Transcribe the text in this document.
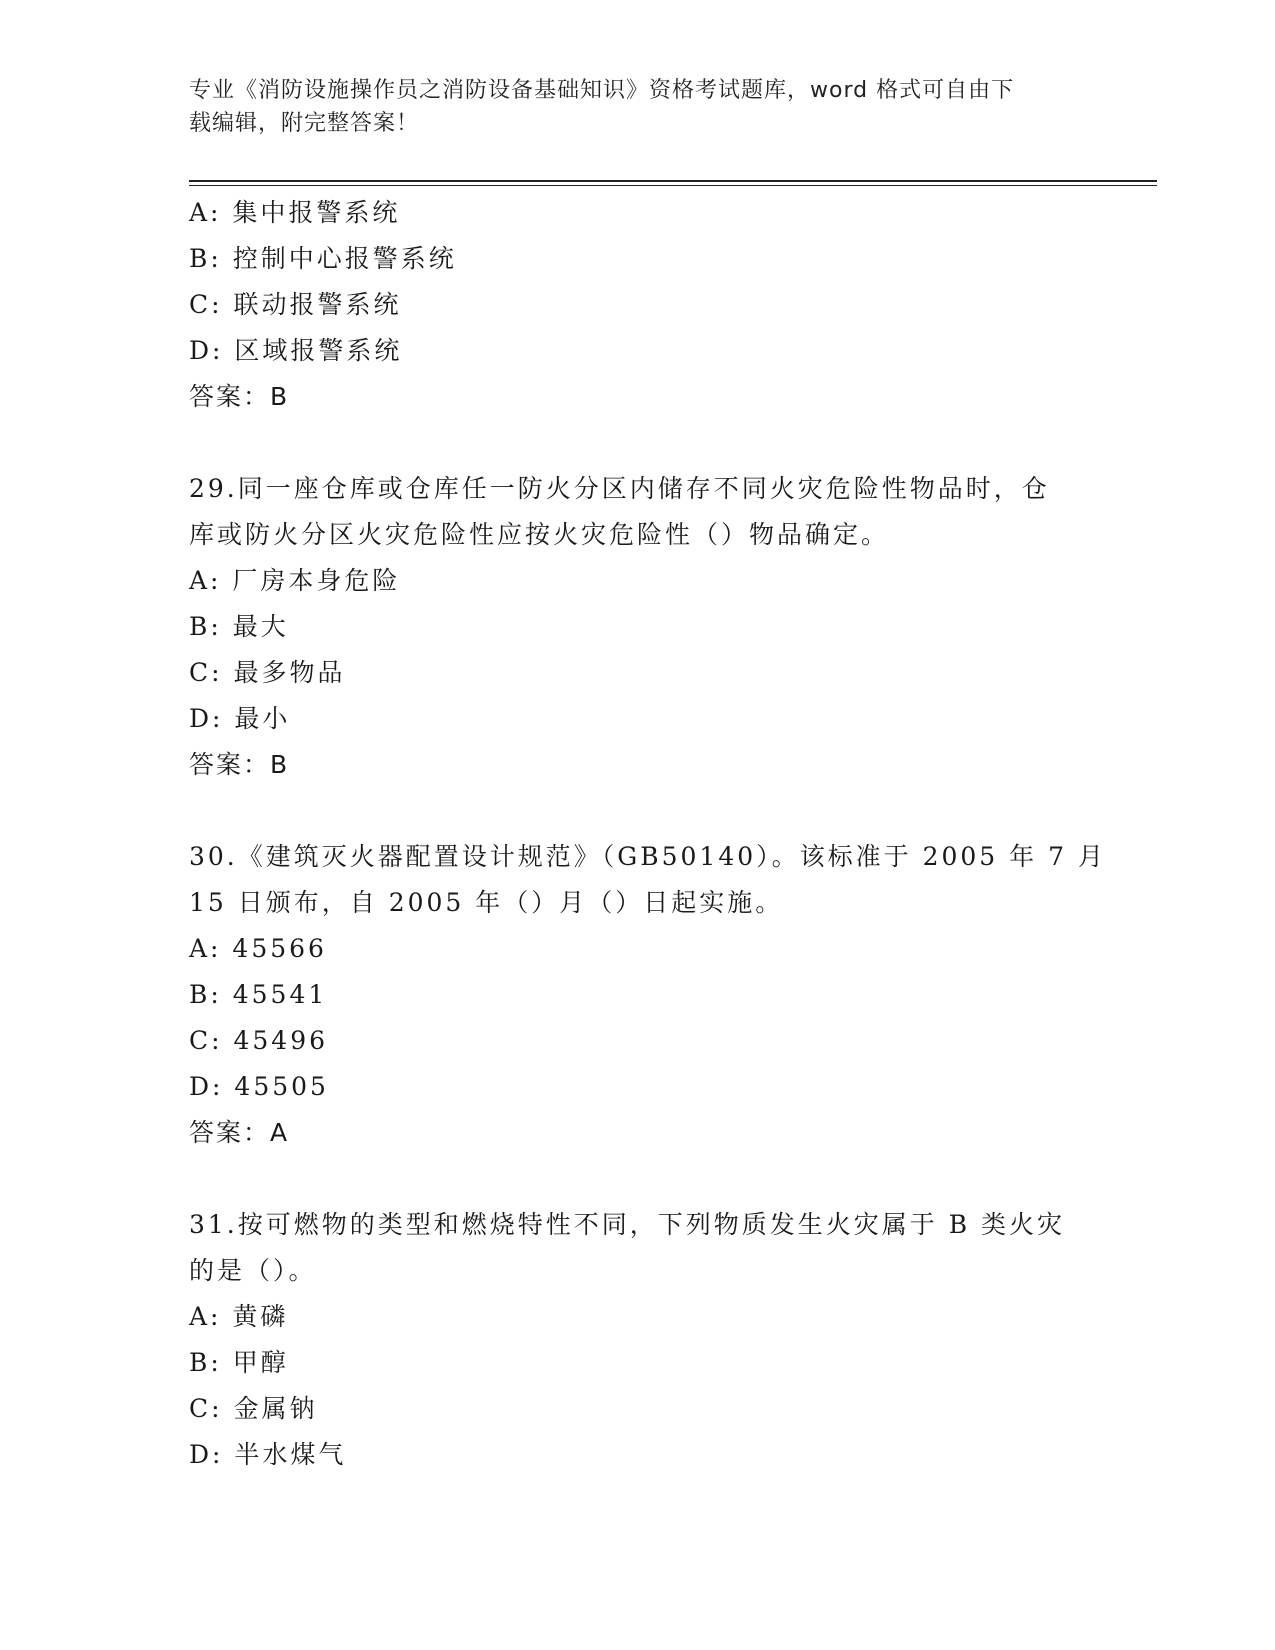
专业《消防设施操作员之消防设备基础知识》资格考试题库，word 格式可自由下
载编辑，附完整答案！
A: 集中报警系统
B: 控制中心报警系统
C: 联动报警系统
D: 区域报警系统
答案：B
29.同一座仓库或仓库任一防火分区内储存不同火灾危险性物品时，仓
库或防火分区火灾危险性应按火灾危险性（）物品确定。
A: 厂房本身危险
B: 最大
C: 最多物品
D: 最小
答案：B
30.《建筑灭火器配置设计规范》（GB50140）。该标准于 2005 年 7 月
15 日颁布，自 2005 年（）月（）日起实施。
A: 45566
B: 45541
C: 45496
D: 45505
答案：A
31.按可燃物的类型和燃烧特性不同，下列物质发生火灾属于 B 类火灾
的是（）。
A: 黄磷
B: 甲醇
C: 金属钠
D: 半水煤气
